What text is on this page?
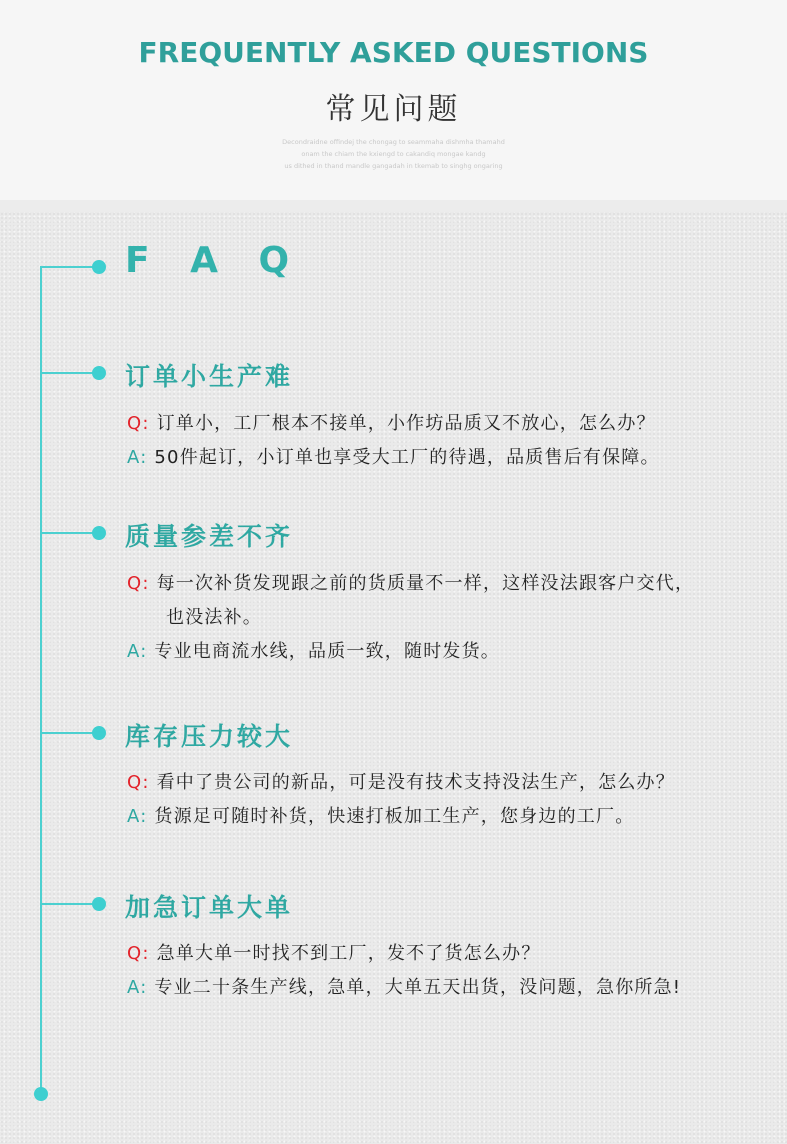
FREQUENTLY ASKED QUESTIONS
常见问题
Decondraidne offindej the chongag to seammaha dishmha thamahd
onam the chiam the kxiengd to cakandiq mongae kandg
us dithed in thand mandle gangadah in tkemab to singhg ongaring
F A Q
订单小生产难
Q: 订单小，工厂根本不接单，小作坊品质又不放心，怎么办？
A: 50件起订，小订单也享受大工厂的待遇，品质售后有保障。
质量参差不齐
Q: 每一次补货发现跟之前的货质量不一样，这样没法跟客户交代，
也没法补。
A: 专业电商流水线，品质一致，随时发货。
库存压力较大
Q: 看中了贵公司的新品，可是没有技术支持没法生产，怎么办？
A: 货源足可随时补货，快速打板加工生产，您身边的工厂。
加急订单大单
Q: 急单大单一时找不到工厂，发不了货怎么办？
A: 专业二十条生产线，急单，大单五天出货，没问题，急你所急!
